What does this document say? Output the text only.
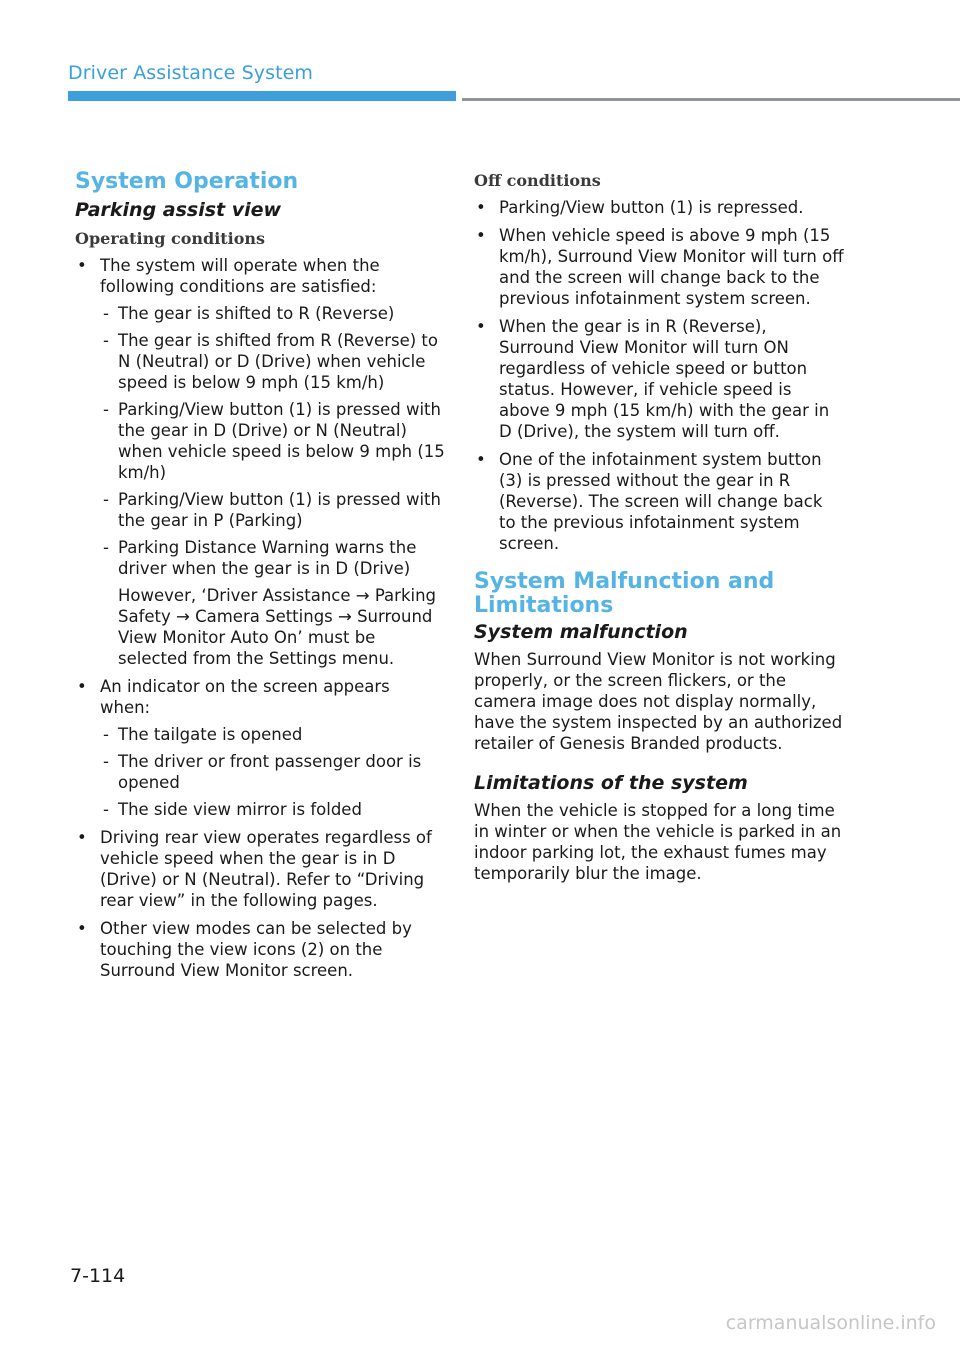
Driver Assistance System
System Operation
Parking assist view
Operating conditions
• The system will operate when the following conditions are satisfied:
- The gear is shifted to R (Reverse)
- The gear is shifted from R (Reverse) to N (Neutral) or D (Drive) when vehicle speed is below 9 mph (15 km/h)
- Parking/View button (1) is pressed with the gear in D (Drive) or N (Neutral) when vehicle speed is below 9 mph (15 km/h)
- Parking/View button (1) is pressed with the gear in P (Parking)
- Parking Distance Warning warns the driver when the gear is in D (Drive)

However, ‘Driver Assistance → Parking Safety → Camera Settings → Surround View Monitor Auto On’ must be selected from the Settings menu.

• An indicator on the screen appears when:
- The tailgate is opened
- The driver or front passenger door is opened
- The side view mirror is folded
• Driving rear view operates regardless of vehicle speed when the gear is in D (Drive) or N (Neutral). Refer to “Driving rear view” in the following pages.
• Other view modes can be selected by touching the view icons (2) on the Surround View Monitor screen.
Off conditions
• Parking/View button (1) is repressed.
• When vehicle speed is above 9 mph (15 km/h), Surround View Monitor will turn off and the screen will change back to the previous infotainment system screen.
• When the gear is in R (Reverse), Surround View Monitor will turn ON regardless of vehicle speed or button status. However, if vehicle speed is above 9 mph (15 km/h) with the gear in D (Drive), the system will turn off.
• One of the infotainment system button (3) is pressed without the gear in R (Reverse). The screen will change back to the previous infotainment system screen.
System Malfunction and Limitations
System malfunction

When Surround View Monitor is not working properly, or the screen flickers, or the camera image does not display normally, have the system inspected by an authorized retailer of Genesis Branded products.

Limitations of the system

When the vehicle is stopped for a long time in winter or when the vehicle is parked in an indoor parking lot, the exhaust fumes may temporarily blur the image.

7-114
carmanualsonline.info
